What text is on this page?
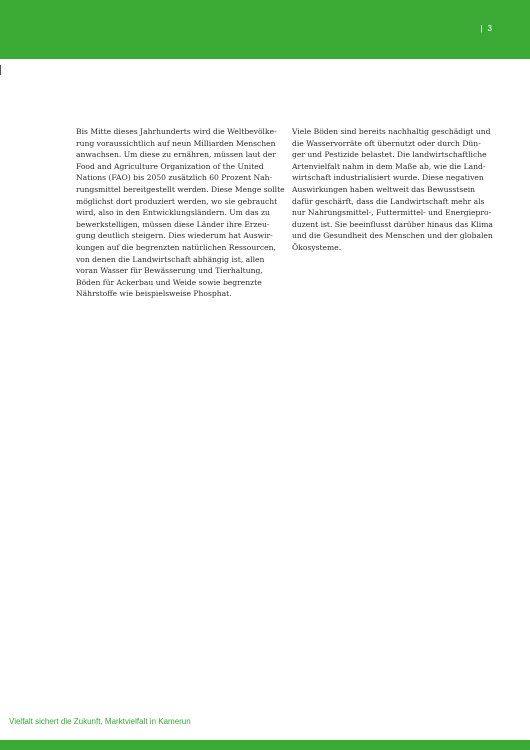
| 3
Bis Mitte dieses Jahrhunderts wird die Weltbevölke-
rung voraussichtlich auf neun Milliarden Menschen
anwachsen. Um diese zu ernähren, müssen laut der
Food and Agriculture Organization of the United
Nations (FAO) bis 2050 zusätzlich 60 Prozent Nah-
rungsmittel bereitgestellt werden. Diese Menge sollte
möglichst dort produziert werden, wo sie gebraucht
wird, also in den Entwicklungsländern. Um das zu
bewerkstelligen, müssen diese Länder ihre Erzeu-
gung deutlich steigern. Dies wiederum hat Auswir-
kungen auf die begrenzten natürlichen Ressourcen,
von denen die Landwirtschaft abhängig ist, allen
voran Wasser für Bewässerung und Tierhaltung,
Böden für Ackerbau und Weide sowie begrenzte
Nährstoffe wie beispielsweise Phosphat.
Viele Böden sind bereits nachhaltig geschädigt und
die Wasservorräte oft übernutzt oder durch Dün-
ger und Pestizide belastet. Die landwirtschaftliche
Artenvielfalt nahm in dem Maße ab, wie die Land-
wirtschaft industrialisiert wurde. Diese negativen
Auswirkungen haben weltweit das Bewusstsein
dafür geschärft, dass die Landwirtschaft mehr als
nur Nahrungsmittel-, Futtermittel- und Energiepro-
duzent ist. Sie beeinflusst darüber hinaus das Klima
und die Gesundheit des Menschen und der globalen
Ökosysteme.
Vielfalt sichert die Zukunft, Marktvielfalt in Kamerun
